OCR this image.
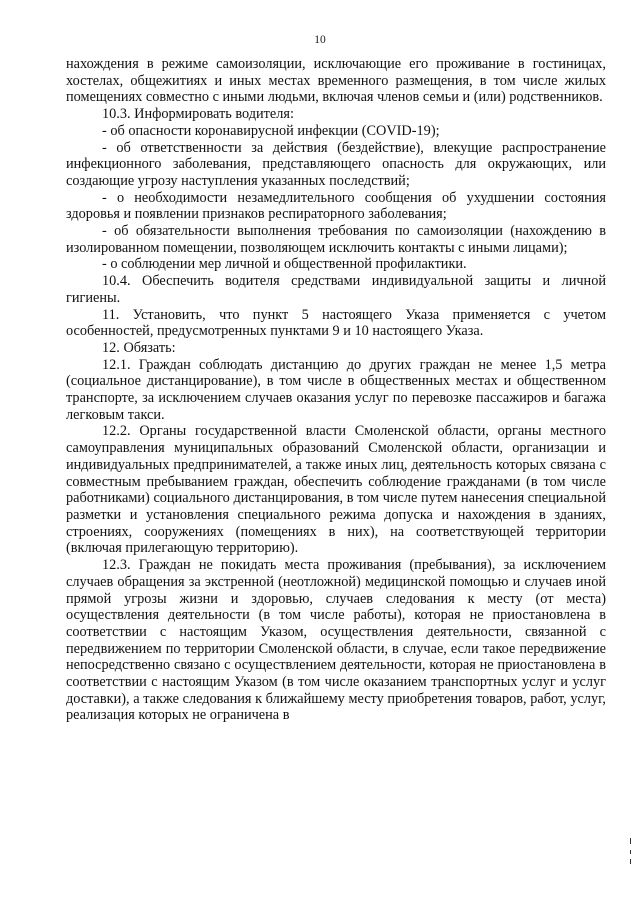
10

нахождения в режиме самоизоляции, исключающие его проживание в гостиницах, хостелах, общежитиях и иных местах временного размещения, в том числе жилых помещениях совместно с иными людьми, включая членов семьи и (или) родственников.

10.3. Информировать водителя:

- об опасности коронавирусной инфекции (COVID-19);

- об ответственности за действия (бездействие), влекущие распространение инфекционного заболевания, представляющего опасность для окружающих, или создающие угрозу наступления указанных последствий;

- о необходимости незамедлительного сообщения об ухудшении состояния здоровья и появлении признаков респираторного заболевания;

- об обязательности выполнения требования по самоизоляции (нахождению в изолированном помещении, позволяющем исключить контакты с иными лицами);

- о соблюдении мер личной и общественной профилактики.

10.4. Обеспечить водителя средствами индивидуальной защиты и личной гигиены.

11. Установить, что пункт 5 настоящего Указа применяется с учетом особенностей, предусмотренных пунктами 9 и 10 настоящего Указа.

12. Обязать:

12.1. Граждан соблюдать дистанцию до других граждан не менее 1,5 метра (социальное дистанцирование), в том числе в общественных местах и общественном транспорте, за исключением случаев оказания услуг по перевозке пассажиров и багажа легковым такси.

12.2. Органы государственной власти Смоленской области, органы местного самоуправления муниципальных образований Смоленской области, организации и индивидуальных предпринимателей, а также иных лиц, деятельность которых связана с совместным пребыванием граждан, обеспечить соблюдение гражданами (в том числе работниками) социального дистанцирования, в том числе путем нанесения специальной разметки и установления специального режима допуска и нахождения в зданиях, строениях, сооружениях (помещениях в них), на соответствующей территории (включая прилегающую территорию).

12.3. Граждан не покидать места проживания (пребывания), за исключением случаев обращения за экстренной (неотложной) медицинской помощью и случаев иной прямой угрозы жизни и здоровью, случаев следования к месту (от места) осуществления деятельности (в том числе работы), которая не приостановлена в соответствии с настоящим Указом, осуществления деятельности, связанной с передвижением по территории Смоленской области, в случае, если такое передвижение непосредственно связано с осуществлением деятельности, которая не приостановлена в соответствии с настоящим Указом (в том числе оказанием транспортных услуг и услуг доставки), а также следования к ближайшему месту приобретения товаров, работ, услуг, реализация которых не ограничена в
